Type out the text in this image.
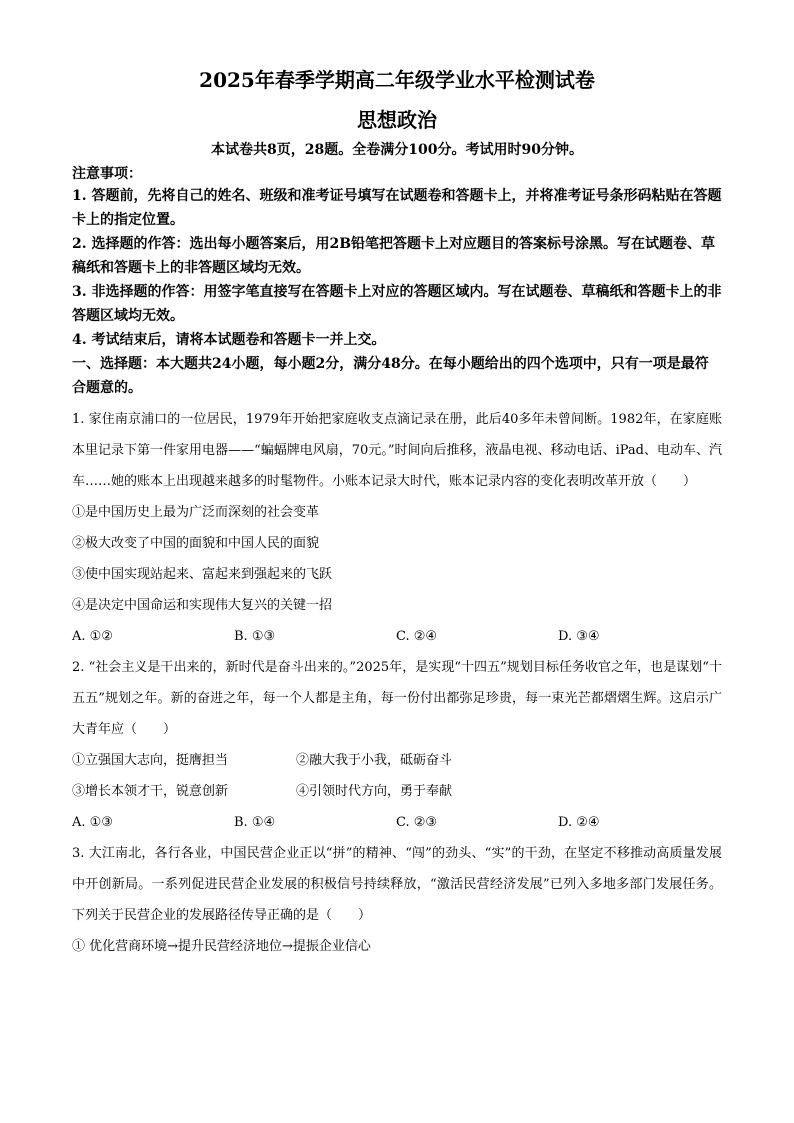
2025年春季学期高二年级学业水平检测试卷
思想政治
本试卷共8页，28题。全卷满分100分。考试用时90分钟。
注意事项：
1. 答题前，先将自己的姓名、班级和准考证号填写在试题卷和答题卡上，并将准考证号条形码粘贴在答题卡上的指定位置。
2. 选择题的作答：选出每小题答案后，用2B铅笔把答题卡上对应题目的答案标号涂黑。写在试题卷、草稿纸和答题卡上的非答题区域均无效。
3. 非选择题的作答：用签字笔直接写在答题卡上对应的答题区域内。写在试题卷、草稿纸和答题卡上的非答题区域均无效。
4. 考试结束后，请将本试题卷和答题卡一并上交。
一、选择题：本大题共24小题，每小题2分，满分48分。在每小题给出的四个选项中，只有一项是最符合题意的。
1. 家住南京浦口的一位居民，1979年开始把家庭收支点滴记录在册，此后40多年未曾间断。1982年，在家庭账本里记录下第一件家用电器——“蝙蝠牌电风扇，70元。”时间向后推移，液晶电视、移动电话、iPad、电动车、汽车……她的账本上出现越来越多的时髦物件。小账本记录大时代，账本记录内容的变化表明改革开放（　　）
①是中国历史上最为广泛而深刻的社会变革
②极大改变了中国的面貌和中国人民的面貌
③使中国实现站起来、富起来到强起来的飞跃
④是决定中国命运和实现伟大复兴的关键一招
A. ①②	B. ①③	C. ②④	D. ③④
2. “社会主义是干出来的，新时代是奋斗出来的。”2025年，是实现“十四五”规划目标任务收官之年，也是谋划“十五五”规划之年。新的奋进之年，每一个人都是主角，每一份付出都弥足珍贵，每一束光芒都熠熠生辉。这启示广大青年应（　　）
①立强国大志向，挺膺担当	②融大我于小我，砥砺奋斗
③增长本领才干，锐意创新	④引领时代方向，勇于奉献
A. ①③	B. ①④	C. ②③	D. ②④
3. 大江南北，各行各业，中国民营企业正以“拼”的精神、“闯”的劲头、“实”的干劲，在坚定不移推动高质量发展中开创新局。一系列促进民营企业发展的积极信号持续释放，“激活民营经济发展”已列入多地多部门发展任务。下列关于民营企业的发展路径传导正确的是（　　）
① 优化营商环境→提升民营经济地位→提振企业信心
